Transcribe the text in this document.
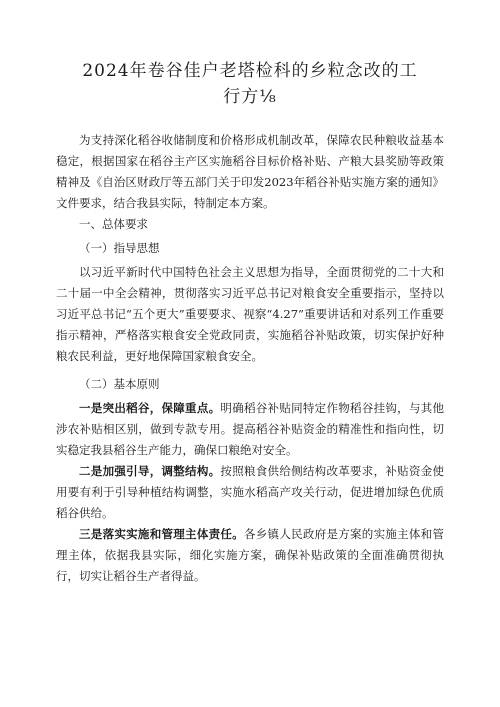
2024年卷谷佳户老塔检科的乡粒念改的工行方⅛

为支持深化稻谷收储制度和价格形成机制改革，保障农民种粮收益基本稳定，根据国家在稻谷主产区实施稻谷目标价格补贴、产粮大县奖励等政策精神及《自治区财政厅等五部门关于印发2023年稻谷补贴实施方案的通知》文件要求，结合我县实际，特制定本方案。

一、总体要求

（一）指导思想

以习近平新时代中国特色社会主义思想为指导，全面贯彻党的二十大和二十届一中全会精神，贯彻落实习近平总书记对粮食安全重要指示，坚持以习近平总书记“五个更大”重要要求、视察“4.27”重要讲话和对系列工作重要指示精神，严格落实粮食安全党政同责，实施稻谷补贴政策，切实保护好种粮农民利益，更好地保障国家粮食安全。

（二）基本原则

一是突出稻谷，保障重点。明确稻谷补贴同特定作物稻谷挂钩，与其他涉农补贴相区别，做到专款专用。提高稻谷补贴资金的精准性和指向性，切实稳定我县稻谷生产能力，确保口粮绝对安全。

二是加强引导，调整结构。按照粮食供给侧结构改革要求，补贴资金使用要有利于引导种植结构调整，实施水稻高产攻关行动，促进增加绿色优质稻谷供给。

三是落实实施和管理主体责任。各乡镇人民政府是方案的实施主体和管理主体，依据我县实际，细化实施方案，确保补贴政策的全面准确贯彻执行，切实让稻谷生产者得益。
